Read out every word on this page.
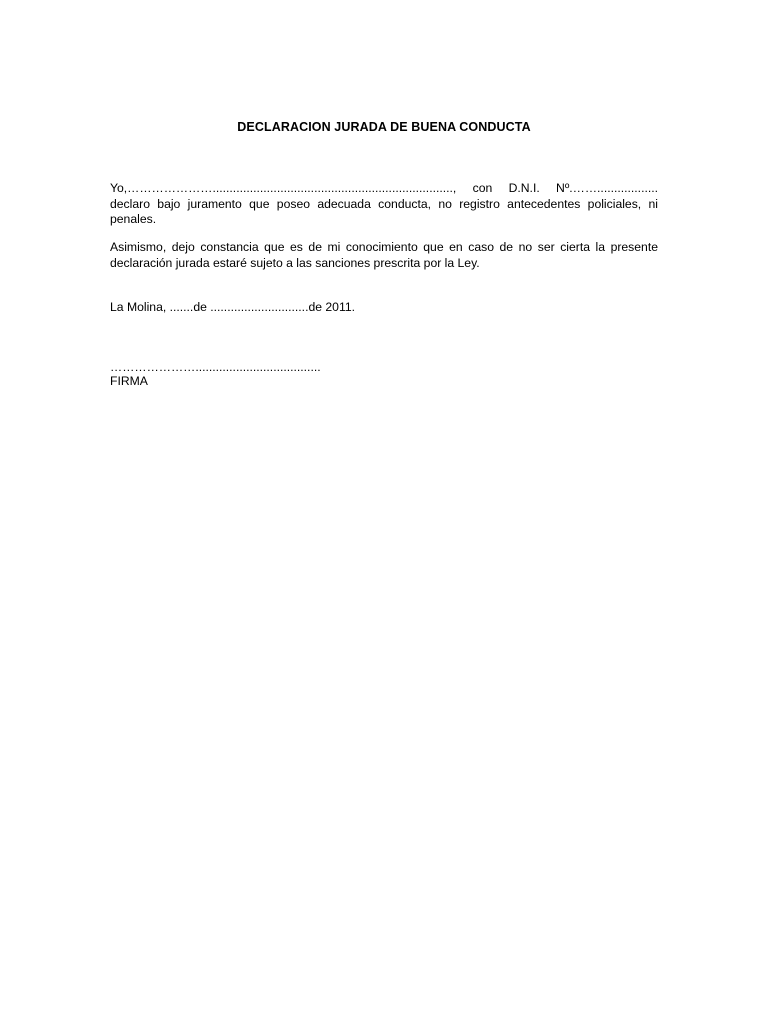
DECLARACION JURADA DE BUENA CONDUCTA

Yo,…………………......................................................................., con D.N.I. Nº.…….................. declaro bajo juramento que poseo adecuada conducta, no registro antecedentes policiales, ni penales.

Asimismo, dejo constancia que es de mi conocimiento que en caso de no ser cierta la presente declaración jurada estaré sujeto a las sanciones prescrita por la Ley.

La Molina, .......de .............................de 2011.
………………….....................................
FIRMA
